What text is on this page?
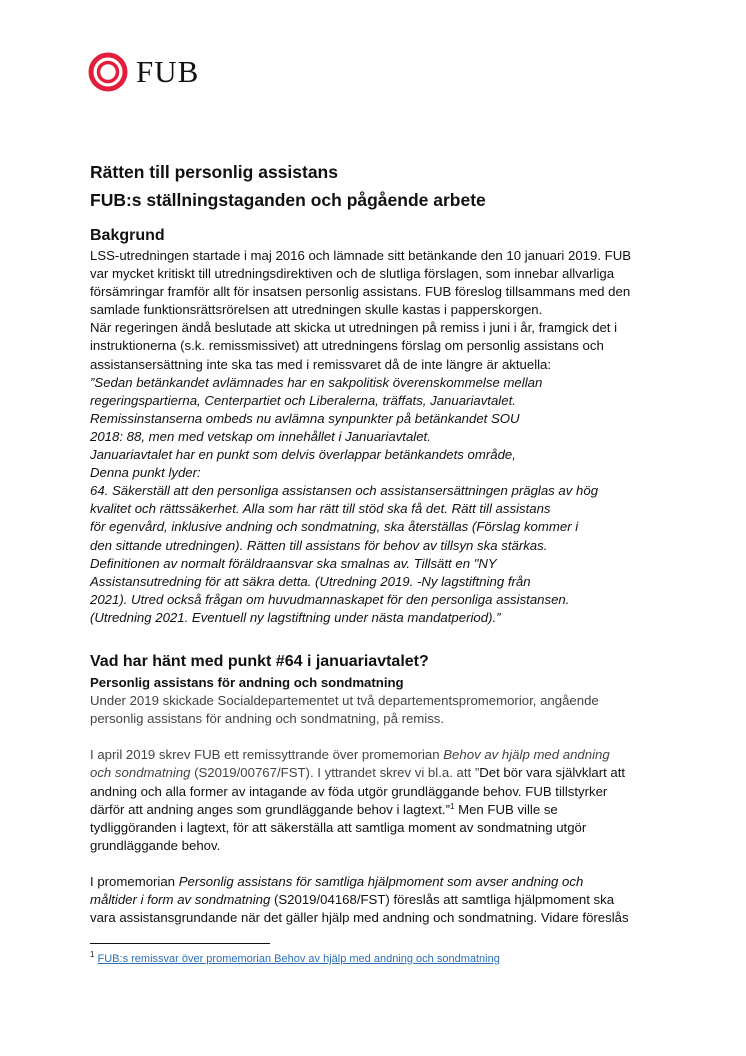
FUB
Rätten till personlig assistans
FUB:s ställningstaganden och pågående arbete
Bakgrund
LSS-utredningen startade i maj 2016 och lämnade sitt betänkande den 10 januari 2019. FUB
var mycket kritiskt till utredningsdirektiven och de slutliga förslagen, som innebar allvarliga
försämringar framför allt för insatsen personlig assistans. FUB föreslog tillsammans med den
samlade funktionsrättsrörelsen att utredningen skulle kastas i papperskorgen.
När regeringen ändå beslutade att skicka ut utredningen på remiss i juni i år, framgick det i
instruktionerna (s.k. remissmissivet) att utredningens förslag om personlig assistans och
assistansersättning inte ska tas med i remissvaret då de inte längre är aktuella:
”Sedan betänkandet avlämnades har en sakpolitisk överenskommelse mellan
regeringspartierna, Centerpartiet och Liberalerna, träffats, Januariavtalet.
Remissinstanserna ombeds nu avlämna synpunkter på betänkandet SOU
2018: 88, men med vetskap om innehållet i Januariavtalet.
Januariavtalet har en punkt som delvis överlappar betänkandets område,
Denna punkt lyder:
64. Säkerställ att den personliga assistansen och assistansersättningen präglas av hög
kvalitet och rättssäkerhet. Alla som har rätt till stöd ska få det. Rätt till assistans
för egenvård, inklusive andning och sondmatning, ska återställas (Förslag kommer i
den sittande utredningen). Rätten till assistans för behov av tillsyn ska stärkas.
Definitionen av normalt föräldraansvar ska smalnas av. Tillsätt en "NY
Assistansutredning för att säkra detta. (Utredning 2019. -Ny lagstiftning från
2021). Utred också frågan om huvudmannaskapet för den personliga assistansen.
(Utredning 2021. Eventuell ny lagstiftning under nästa mandatperiod).”
Vad har hänt med punkt #64 i januariavtalet?
Personlig assistans för andning och sondmatning
Under 2019 skickade Socialdepartementet ut två departementspromemorior, angående
personlig assistans för andning och sondmatning, på remiss.
I april 2019 skrev FUB ett remissyttrande över promemorian Behov av hjälp med andning
och sondmatning (S2019/00767/FST). I yttrandet skrev vi bl.a. att ”Det bör vara självklart att
andning och alla former av intagande av föda utgör grundläggande behov. FUB tillstyrker
därför att andning anges som grundläggande behov i lagtext.”$^1$ Men FUB ville se
tydliggöranden i lagtext, för att säkerställa att samtliga moment av sondmatning utgör
grundläggande behov.
I promemorian Personlig assistans för samtliga hjälpmoment som avser andning och
måltider i form av sondmatning (S2019/04168/FST) föreslås att samtliga hjälpmoment ska
vara assistansgrundande när det gäller hjälp med andning och sondmatning. Vidare föreslås
$^1$ FUB:s remissvar över promemorian Behov av hjälp med andning och sondmatning
